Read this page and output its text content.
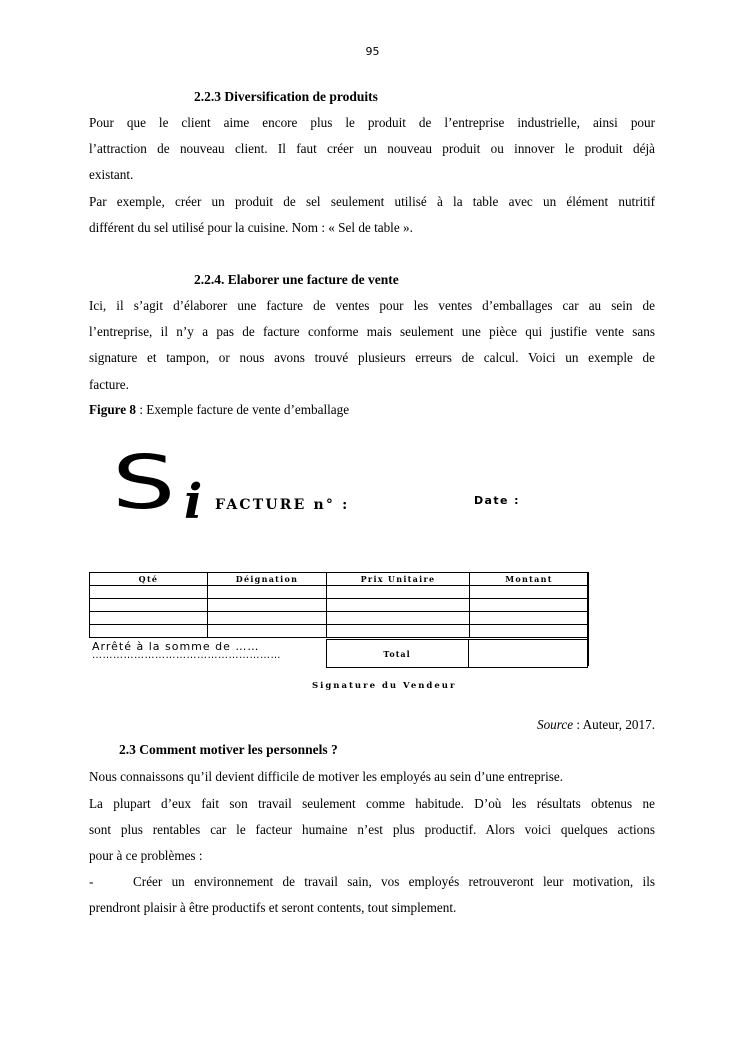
95
2.2.3 Diversification de produits
Pour que le client aime encore plus le produit de l’entreprise industrielle, ainsi pour
l’attraction de nouveau client. Il faut créer un nouveau produit ou innover le produit déjà
existant.
Par exemple, créer un produit de sel seulement utilisé à la table avec un élément nutritif
différent du sel utilisé pour la cuisine. Nom : « Sel de table ».
2.2.4. Elaborer une facture de vente
Ici, il s’agit d’élaborer une facture de ventes pour les ventes d’emballages car au sein de
l’entreprise, il n’y a pas de facture conforme mais seulement une pièce qui justifie vente sans
signature et tampon, or nous avons trouvé plusieurs erreurs de calcul. Voici un exemple de
facture.
Figure 8 : Exemple facture de vente d’emballage
S i FACTURE n° :	Date :
Qté	Déignation	Prix Unitaire	Montant

Arrêté à la somme de ……
………………………………………………	Total
Signature du Vendeur
Source : Auteur, 2017.
2.3 Comment motiver les personnels ?
Nous connaissons qu’il devient difficile de motiver les employés au sein d’une entreprise.
La plupart d’eux fait son travail seulement comme habitude. D’où les résultats obtenus ne
sont plus rentables car le facteur humaine n’est plus productif. Alors voici quelques actions
pour à ce problèmes :
-	Créer un environnement de travail sain, vos employés retrouveront leur motivation, ils
prendront plaisir à être productifs et seront contents, tout simplement.
